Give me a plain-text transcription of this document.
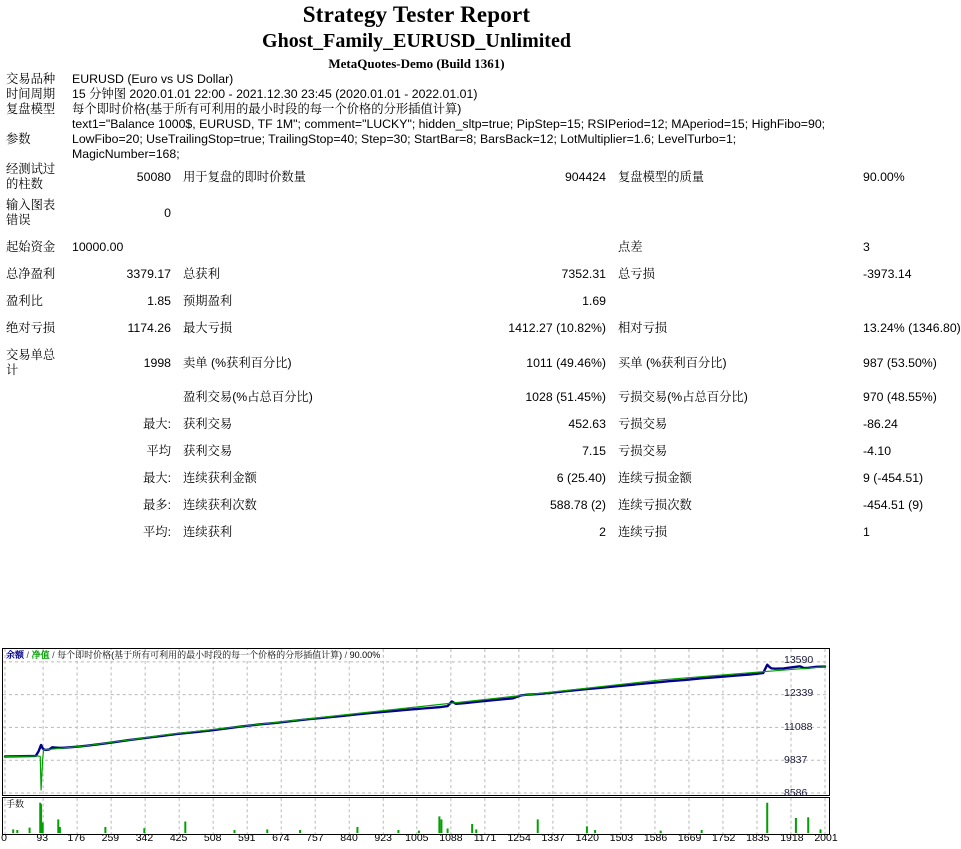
Strategy Tester Report
Ghost_Family_EURUSD_Unlimited
MetaQuotes-Demo (Build 1361)
交易品种	EURUSD (Euro vs US Dollar)
时间周期	15 分钟图 2020.01.01 22:00 - 2021.12.30 23:45 (2020.01.01 - 2022.01.01)
复盘模型	每个即时价格(基于所有可利用的最小时段的每一个价格的分形插值计算)
参数	text1="Balance 1000$, EURUSD, TF 1M"; comment="LUCKY"; hidden_sltp=true; PipStep=15; RSIPeriod=12; MAperiod=15; HighFibo=90; LowFibo=20; UseTrailingStop=true; TrailingStop=40; Step=30; StartBar=8; BarsBack=12; LotMultiplier=1.6; LevelTurbo=1; MagicNumber=168;
经测试过的柱数	50080	用于复盘的即时价数量	904424	复盘模型的质量	90.00%
输入图表错误	0				
起始资金	10000.00			点差	3
总净盈利	3379.17	总获利	7352.31	总亏损	-3973.14
盈利比	1.85	预期盈利	1.69		
绝对亏损	1174.26	最大亏损	1412.27 (10.82%)	相对亏损	13.24% (1346.80)
交易单总计	1998	卖单 (%获利百分比)	1011 (49.46%)	买单 (%获利百分比)	987 (53.50%)
		盈利交易(%占总百分比)	1028 (51.45%)	亏损交易(%占总百分比)	970 (48.55%)
	最大:	获利交易	452.63	亏损交易	-86.24
	平均	获利交易	7.15	亏损交易	-4.10
	最大:	连续获利金额	6 (25.40)	连续亏损金额	9 (-454.51)
	最多:	连续获利次数	588.78 (2)	连续亏损次数	-454.51 (9)
	平均:	连续获利	2	连续亏损	1
余额 / 净值 / 每个即时价格(基于所有可利用的最小时段的每一个价格的分形插值计算) / 90.00%
手数
13590
12339
11088
9837
8586
0	93 176 259 342 425 508 591 674 757 840 923 1005 1088 1171 1254 1337 1420 1503 1586 1669 1752 1835 1918 2001
